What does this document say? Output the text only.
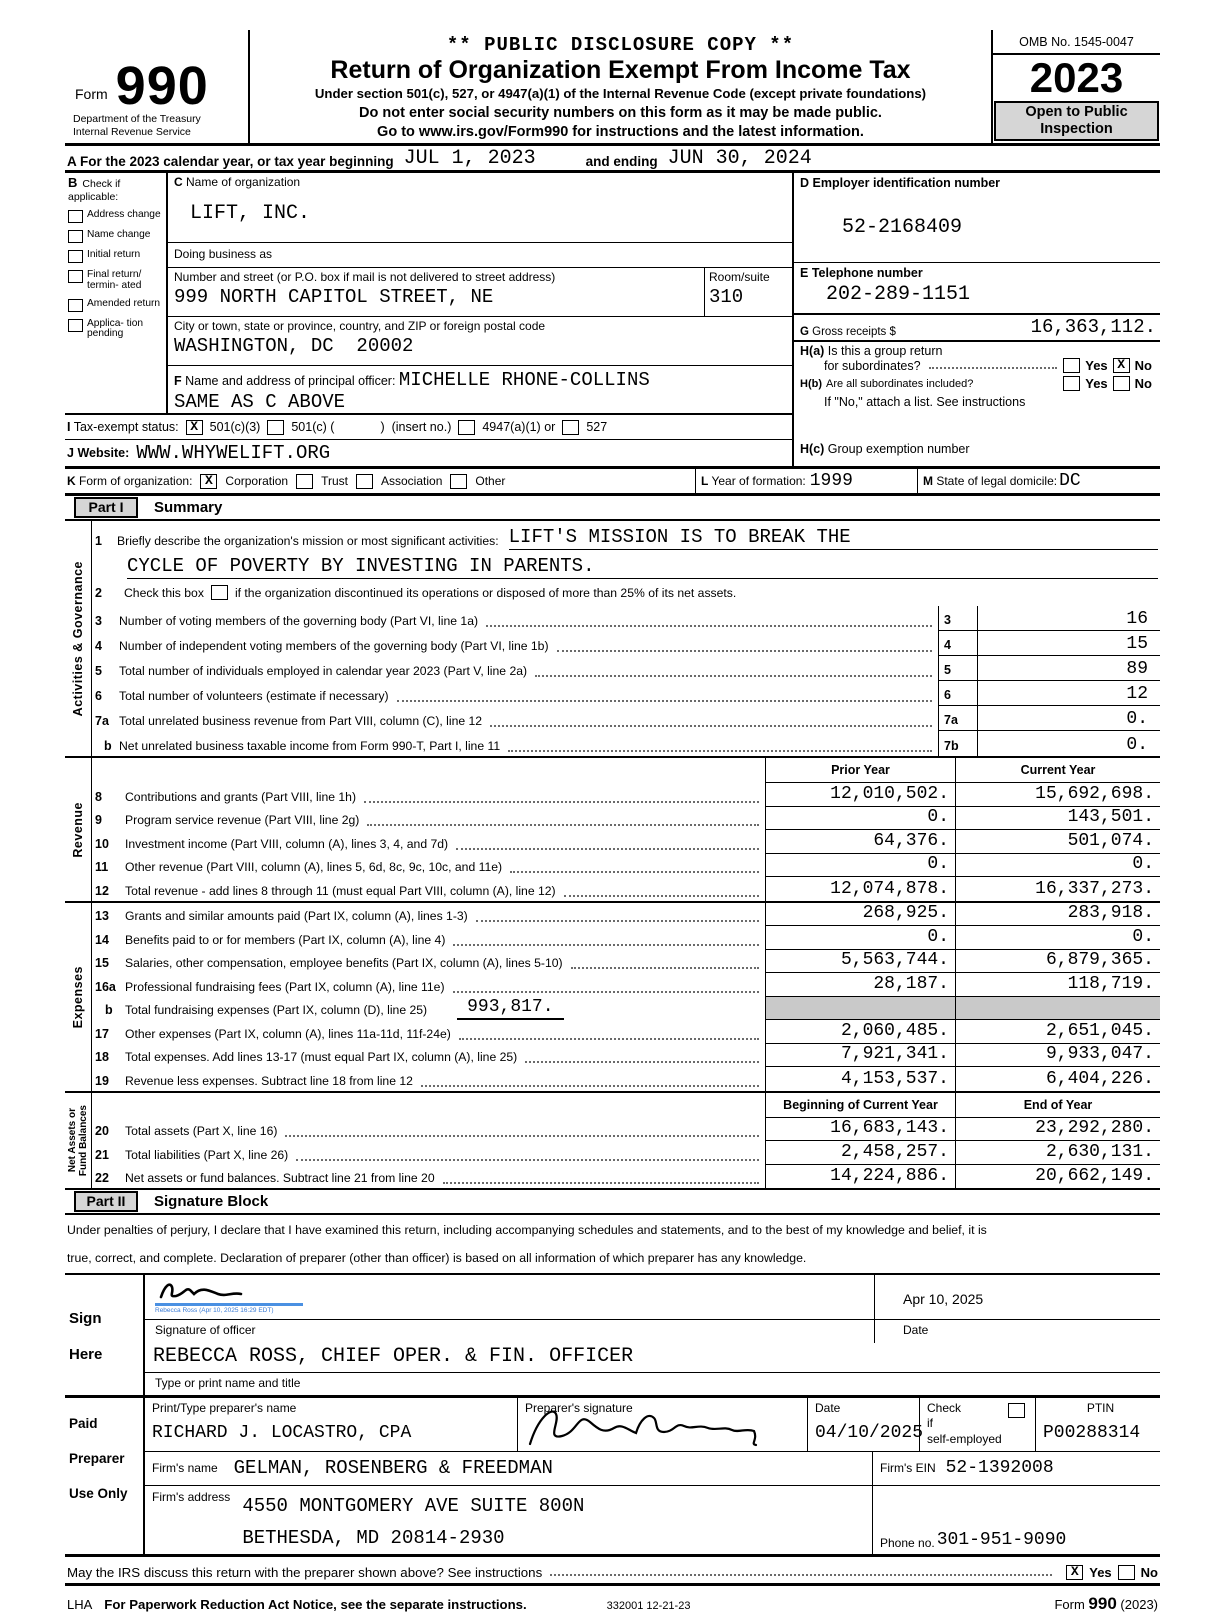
Form 990
Department of the Treasury
Internal Revenue Service
** PUBLIC DISCLOSURE COPY **
Return of Organization Exempt From Income Tax
Under section 501(c), 527, or 4947(a)(1) of the Internal Revenue Code (except private foundations)
Do not enter social security numbers on this form as it may be made public.
Go to www.irs.gov/Form990 for instructions and the latest information.
OMB No. 1545-0047
2023
Open to Public
Inspection
A For the 2023 calendar year, or tax year beginning JUL 1, 2023	and ending JUN 30, 2024
B Check if applicable:
Address change
Name change
Initial return
Final return/ termin- ated
Amended return
Applica- tion pending
C Name of organization
LIFT, INC.
Doing business as
Number and street (or P.O. box if mail is not delivered to street address)
999 NORTH CAPITOL STREET, NE
Room/suite
310
City or town, state or province, country, and ZIP or foreign postal code
WASHINGTON, DC  20002
F Name and address of principal officer: MICHELLE RHONE-COLLINS
SAME AS C ABOVE
I Tax-exempt status: X 501(c)(3) 501(c) (	) (insert no.) 4947(a)(1) or 527
J Website: WWW.WHYWELIFT.ORG
D Employer identification number
52-2168409
E Telephone number
202-289-1151
G Gross receipts $	16,363,112.
H(a) Is this a group return
for subordinates?	Yes X No
H(b) Are all subordinates included?	Yes No
If "No," attach a list. See instructions
H(c) Group exemption number
K Form of organization: X	Corporation	Trust	Association	Other	L Year of formation: 1999	M State of legal domicile: DC
Part I	Summary
Activities & Governance
1	Briefly describe the organization's mission or most significant activities: LIFT'S MISSION IS TO BREAK THE
CYCLE OF POVERTY BY INVESTING IN PARENTS.
2	Check this box	if the organization discontinued its operations or disposed of more than 25% of its net assets.
3	Number of voting members of the governing body (Part VI, line 1a)	3	16
4	Number of independent voting members of the governing body (Part VI, line 1b)	4	15
5	Total number of individuals employed in calendar year 2023 (Part V, line 2a)	5	89
6	Total number of volunteers (estimate if necessary)	6	12
7a Total unrelated business revenue from Part VIII, column (C), line 12	7a	0.
b Net unrelated business taxable income from Form 990-T, Part I, line 11	7b	0.
Revenue
Prior Year	Current Year
8	Contributions and grants (Part VIII, line 1h)	12,010,502.	15,692,698.
9	Program service revenue (Part VIII, line 2g)	0.	143,501.
10	Investment income (Part VIII, column (A), lines 3, 4, and 7d)	64,376.	501,074.
11	Other revenue (Part VIII, column (A), lines 5, 6d, 8c, 9c, 10c, and 11e)	0.	0.
12	Total revenue - add lines 8 through 11 (must equal Part VIII, column (A), line 12)	12,074,878.	16,337,273.
Expenses
13	Grants and similar amounts paid (Part IX, column (A), lines 1-3)	268,925.	283,918.
14	Benefits paid to or for members (Part IX, column (A), line 4)	0.	0.
15	Salaries, other compensation, employee benefits (Part IX, column (A), lines 5-10)	5,563,744.	6,879,365.
16a Professional fundraising fees (Part IX, column (A), line 11e)	28,187.	118,719.
b	Total fundraising expenses (Part IX, column (D), line 25)	993,817.
17	Other expenses (Part IX, column (A), lines 11a-11d, 11f-24e)	2,060,485.	2,651,045.
18	Total expenses. Add lines 13-17 (must equal Part IX, column (A), line 25)	7,921,341.	9,933,047.
19	Revenue less expenses. Subtract line 18 from line 12	4,153,537.	6,404,226.
Net Assets or Fund Balances
Beginning of Current Year	End of Year
20	Total assets (Part X, line 16)	16,683,143.	23,292,280.
21	Total liabilities (Part X, line 26)	2,458,257.	2,630,131.
22	Net assets or fund balances. Subtract line 21 from line 20	14,224,886.	20,662,149.
Part II	Signature Block
Under penalties of perjury, I declare that I have examined this return, including accompanying schedules and statements, and to the best of my knowledge and belief, it is
true, correct, and complete. Declaration of preparer (other than officer) is based on all information of which preparer has any knowledge.
Sign
Here
Rebecca Ross (Apr 10, 2025 16:29 EDT)
Apr 10, 2025
Signature of officer	Date
REBECCA ROSS, CHIEF OPER. & FIN. OFFICER
Type or print name and title
Paid
Preparer
Use Only
Print/Type preparer's name
RICHARD J. LOCASTRO, CPA
Preparer's signature	Date
04/10/2025
Check
if
self-employed
PTIN
P00288314
Firm's name GELMAN, ROSENBERG & FREEDMAN	Firm's EIN 52-1392008
Firm's address 4550 MONTGOMERY AVE SUITE 800N
BETHESDA, MD 20814-2930	Phone no. 301-951-9090
May the IRS discuss this return with the preparer shown above? See instructions	X Yes No
LHA For Paperwork Reduction Act Notice, see the separate instructions.	332001 12-21-23	Form 990 (2023)
